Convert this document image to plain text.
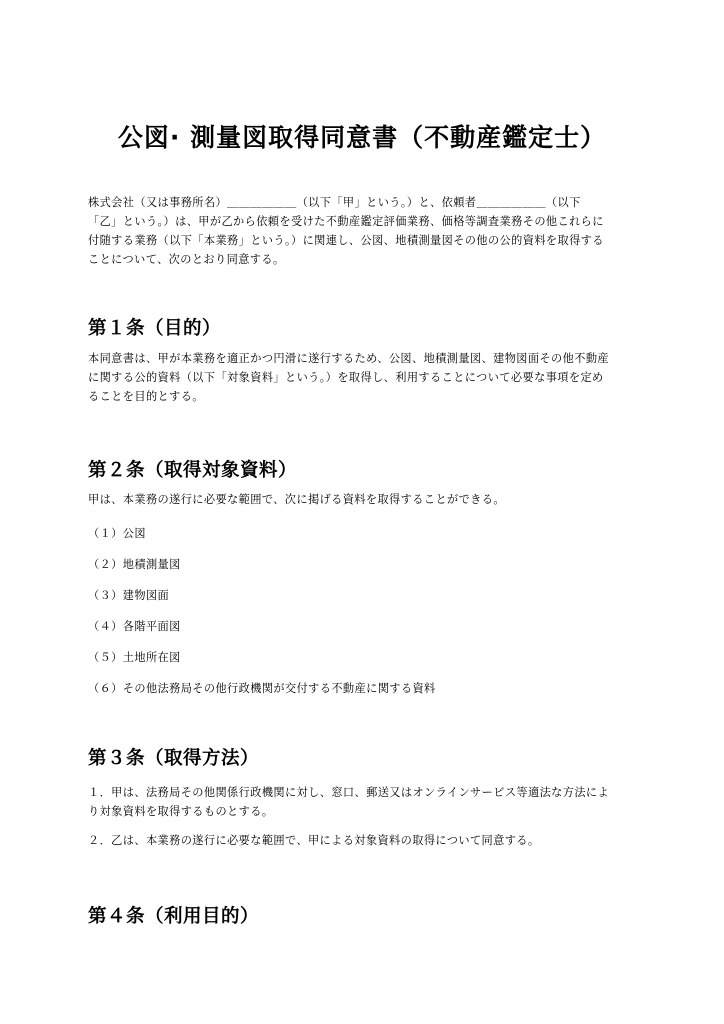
公図· 測量図取得同意書（不動産鑑定士）
株式会社（又は事務所名）＿＿＿＿＿＿（以下「甲」という。）と、依頼者＿＿＿＿＿＿（以下
「乙」という。）は、甲が乙から依頼を受けた不動産鑑定評価業務、価格等調査業務その他これらに
付随する業務（以下「本業務」という。）に関連し、公図、地積測量図その他の公的資料を取得する
ことについて、次のとおり同意する。
第１条（目的）
本同意書は、甲が本業務を適正かつ円滑に遂行するため、公図、地積測量図、建物図面その他不動産
に関する公的資料（以下「対象資料」という。）を取得し、利用することについて必要な事項を定め
ることを目的とする。
第２条（取得対象資料）
甲は、本業務の遂行に必要な範囲で、次に掲げる資料を取得することができる。
（１）公図
（２）地積測量図
（３）建物図面
（４）各階平面図
（５）土地所在図
（６）その他法務局その他行政機関が交付する不動産に関する資料
第３条（取得方法）
１．甲は、法務局その他関係行政機関に対し、窓口、郵送又はオンラインサービス等適法な方法によ
り対象資料を取得するものとする。
２．乙は、本業務の遂行に必要な範囲で、甲による対象資料の取得について同意する。
第４条（利用目的）
